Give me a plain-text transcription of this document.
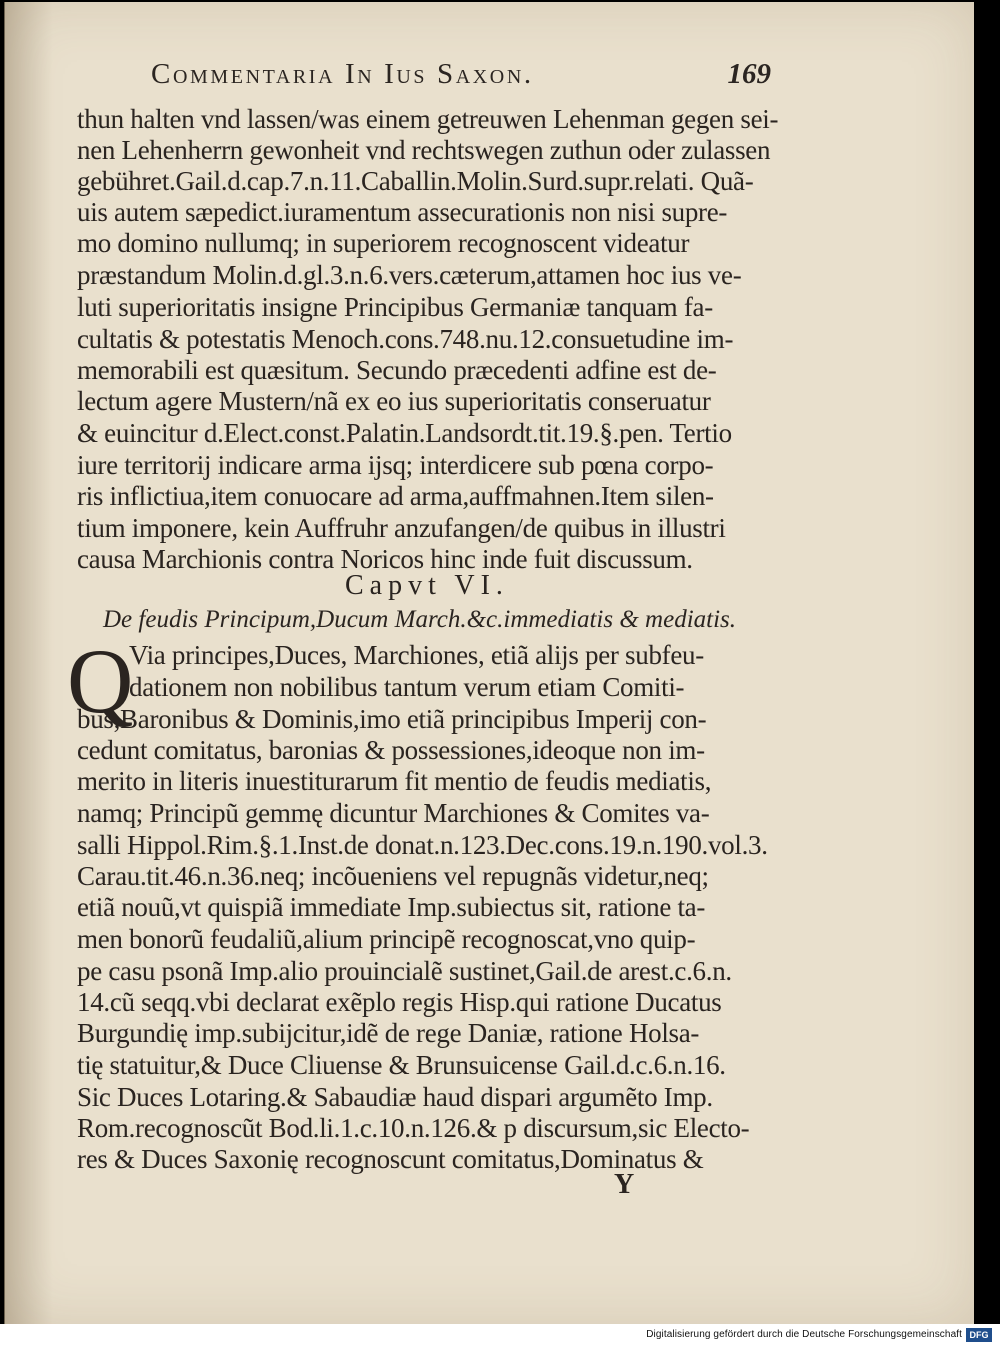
Commentaria In Ius Saxon.	169
thun halten vnd lassen/was einem getreuwen Lehenman gegen sei-
nen Lehenherrn gewonheit vnd rechtswegen zuthun oder zulassen
gebühret.Gail.d.cap.7.n.11.Caballin.Molin.Surd.supr.relati. Quã-
uis autem sæpedict.iuramentum assecurationis non nisi supre-
mo domino nullumq; in superiorem recognoscent videatur
præstandum Molin.d.gl.3.n.6.vers.cæterum,attamen hoc ius ve-
luti superioritatis insigne Principibus Germaniæ tanquam fa-
cultatis & potestatis Menoch.cons.748.nu.12.consuetudine im-
memorabili est quæsitum. Secundo præcedenti adfine est de-
lectum agere Mustern/nã ex eo ius superioritatis conseruatur
& euincitur d.Elect.const.Palatin.Landsordt.tit.19.§.pen. Tertio
iure territorij indicare arma ijsq; interdicere sub pœna corpo-
ris inflictiua,item conuocare ad arma,auffmahnen.Item silen-
tium imponere, kein Auffruhr anzufangen/de quibus in illustri
causa Marchionis contra Noricos hinc inde fuit discussum.
Capvt VI.
De feudis Principum,Ducum March.&c.immediatis & mediatis.
Q
Via principes,Duces, Marchiones, etiã alijs per subfeu-
dationem non nobilibus tantum verum etiam Comiti-
bus,Baronibus & Dominis,imo etiã principibus Imperij con-
cedunt comitatus, baronias & possessiones,ideoque non im-
merito in literis inuestiturarum fit mentio de feudis mediatis,
namq; Principũ gemmę dicuntur Marchiones & Comites va-
salli Hippol.Rim.§.1.Inst.de donat.n.123.Dec.cons.19.n.190.vol.3.
Carau.tit.46.n.36.neq; incõueniens vel repugnãs videtur,neq;
etiã nouũ,vt quispiã immediate Imp.subiectus sit, ratione ta-
men bonorũ feudaliũ,alium principẽ recognoscat,vno quip-
pe casu psonã Imp.alio prouincialẽ sustinet,Gail.de arest.c.6.n.
14.cũ seqq.vbi declarat exẽplo regis Hisp.qui ratione Ducatus
Burgundię imp.subijcitur,idẽ de rege Daniæ, ratione Holsa-
tię statuitur,& Duce Cliuense & Brunsuicense Gail.d.c.6.n.16.
Sic Duces Lotaring.& Sabaudiæ haud dispari argumẽto Imp.
Rom.recognoscũt Bod.li.1.c.10.n.126.& p discursum,sic Electo-
res & Duces Saxonię recognoscunt comitatus,Dominatus &
Y
Digitalisierung gefördert durch die Deutsche Forschungsgemeinschaft DFG
